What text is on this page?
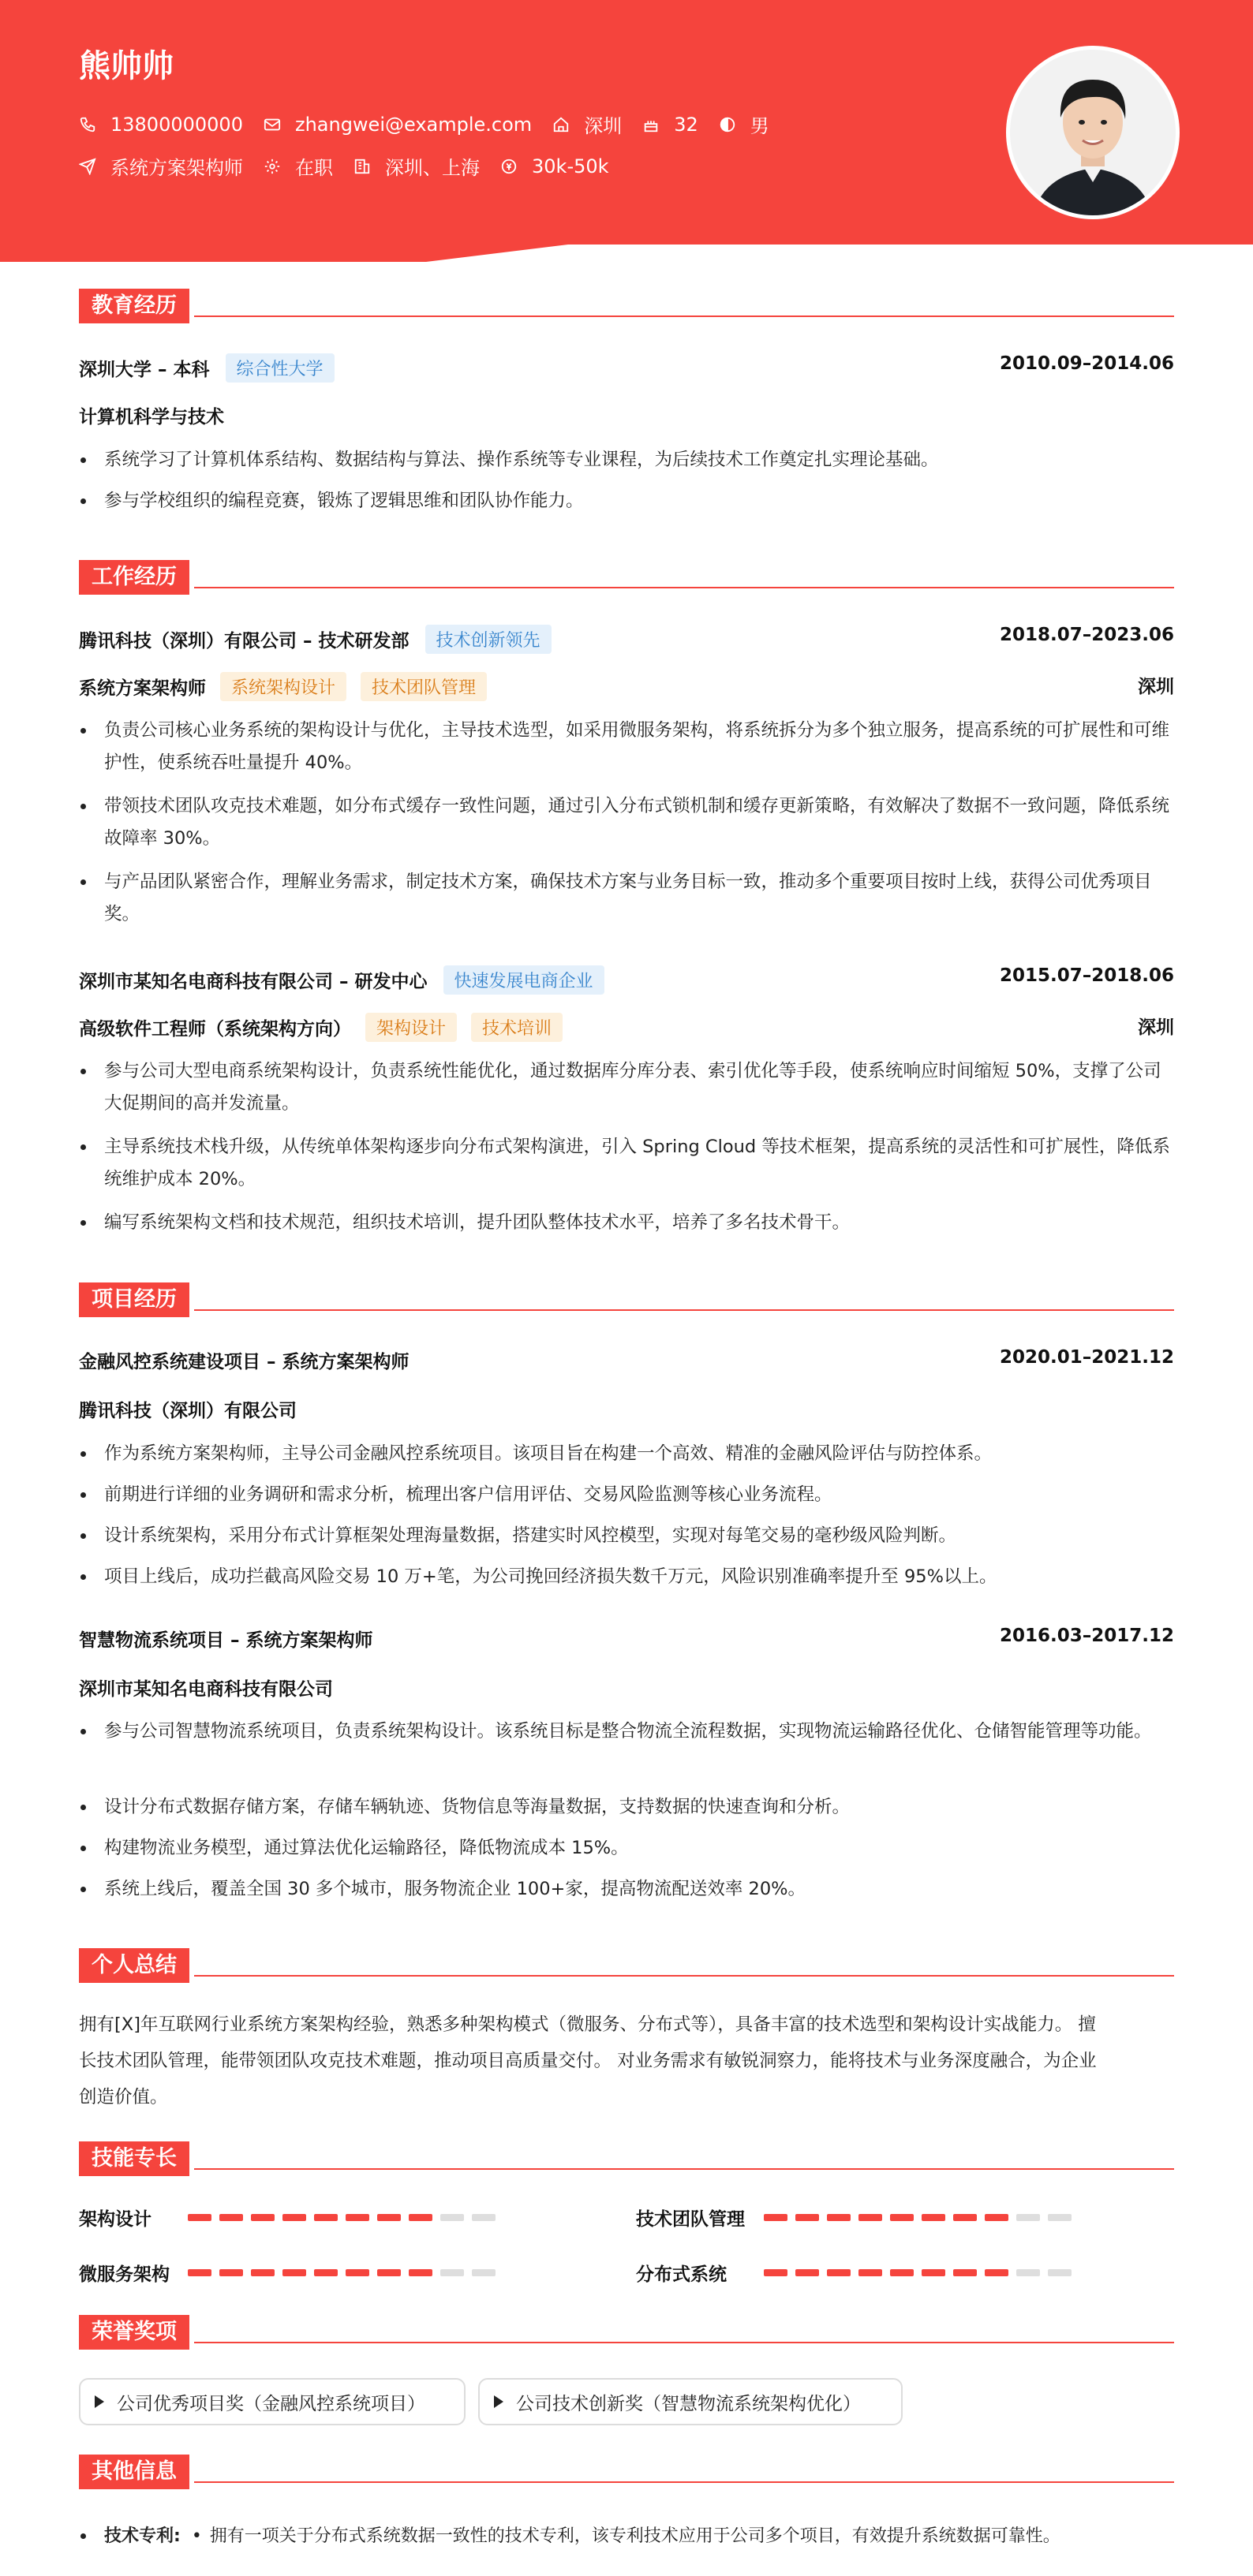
熊帅帅
13800000000	zhangwei@example.com	深圳	32	男
系统方案架构师	在职	深圳、上海	30k-50k
教育经历
深圳大学 – 本科	综合性大学	2010.09–2014.06
计算机科学与技术
系统学习了计算机体系结构、数据结构与算法、操作系统等专业课程，为后续技术工作奠定扎实理论基础。
参与学校组织的编程竞赛，锻炼了逻辑思维和团队协作能力。
工作经历
腾讯科技（深圳）有限公司 – 技术研发部	技术创新领先	2018.07–2023.06
系统方案架构师	系统架构设计	技术团队管理	深圳
负责公司核心业务系统的架构设计与优化，主导技术选型，如采用微服务架构，将系统拆分为多个独立服务，提高系统的可扩展性和可维护性，使系统吞吐量提升 40%。
带领技术团队攻克技术难题，如分布式缓存一致性问题，通过引入分布式锁机制和缓存更新策略，有效解决了数据不一致问题，降低系统故障率 30%。
与产品团队紧密合作，理解业务需求，制定技术方案，确保技术方案与业务目标一致，推动多个重要项目按时上线，获得公司优秀项目奖。
深圳市某知名电商科技有限公司 – 研发中心	快速发展电商企业	2015.07–2018.06
高级软件工程师（系统架构方向）	架构设计	技术培训	深圳
参与公司大型电商系统架构设计，负责系统性能优化，通过数据库分库分表、索引优化等手段，使系统响应时间缩短 50%，支撑了公司大促期间的高并发流量。
主导系统技术栈升级，从传统单体架构逐步向分布式架构演进，引入 Spring Cloud 等技术框架，提高系统的灵活性和可扩展性，降低系统维护成本 20%。
编写系统架构文档和技术规范，组织技术培训，提升团队整体技术水平，培养了多名技术骨干。
项目经历
金融风控系统建设项目 – 系统方案架构师	2020.01–2021.12
腾讯科技（深圳）有限公司
作为系统方案架构师，主导公司金融风控系统项目。该项目旨在构建一个高效、精准的金融风险评估与防控体系。
前期进行详细的业务调研和需求分析，梳理出客户信用评估、交易风险监测等核心业务流程。
设计系统架构，采用分布式计算框架处理海量数据，搭建实时风控模型，实现对每笔交易的毫秒级风险判断。
项目上线后，成功拦截高风险交易 10 万+笔，为公司挽回经济损失数千万元，风险识别准确率提升至 95%以上。
智慧物流系统项目 – 系统方案架构师	2016.03–2017.12
深圳市某知名电商科技有限公司
参与公司智慧物流系统项目，负责系统架构设计。该系统目标是整合物流全流程数据，实现物流运输路径优化、仓储智能管理等功能。
设计分布式数据存储方案，存储车辆轨迹、货物信息等海量数据，支持数据的快速查询和分析。
构建物流业务模型，通过算法优化运输路径，降低物流成本 15%。
系统上线后，覆盖全国 30 多个城市，服务物流企业 100+家，提高物流配送效率 20%。
个人总结
拥有[X]年互联网行业系统方案架构经验，熟悉多种架构模式（微服务、分布式等），具备丰富的技术选型和架构设计实战能力。 擅
长技术团队管理，能带领团队攻克技术难题，推动项目高质量交付。 对业务需求有敏锐洞察力，能将技术与业务深度融合，为企业
创造价值。
技能专长
架构设计	技术团队管理
微服务架构	分布式系统
荣誉奖项
公司优秀项目奖（金融风控系统项目）	公司技术创新奖（智慧物流系统架构优化）
其他信息
技术专利: • 拥有一项关于分布式系统数据一致性的技术专利，该专利技术应用于公司多个项目，有效提升系统数据可靠性。
